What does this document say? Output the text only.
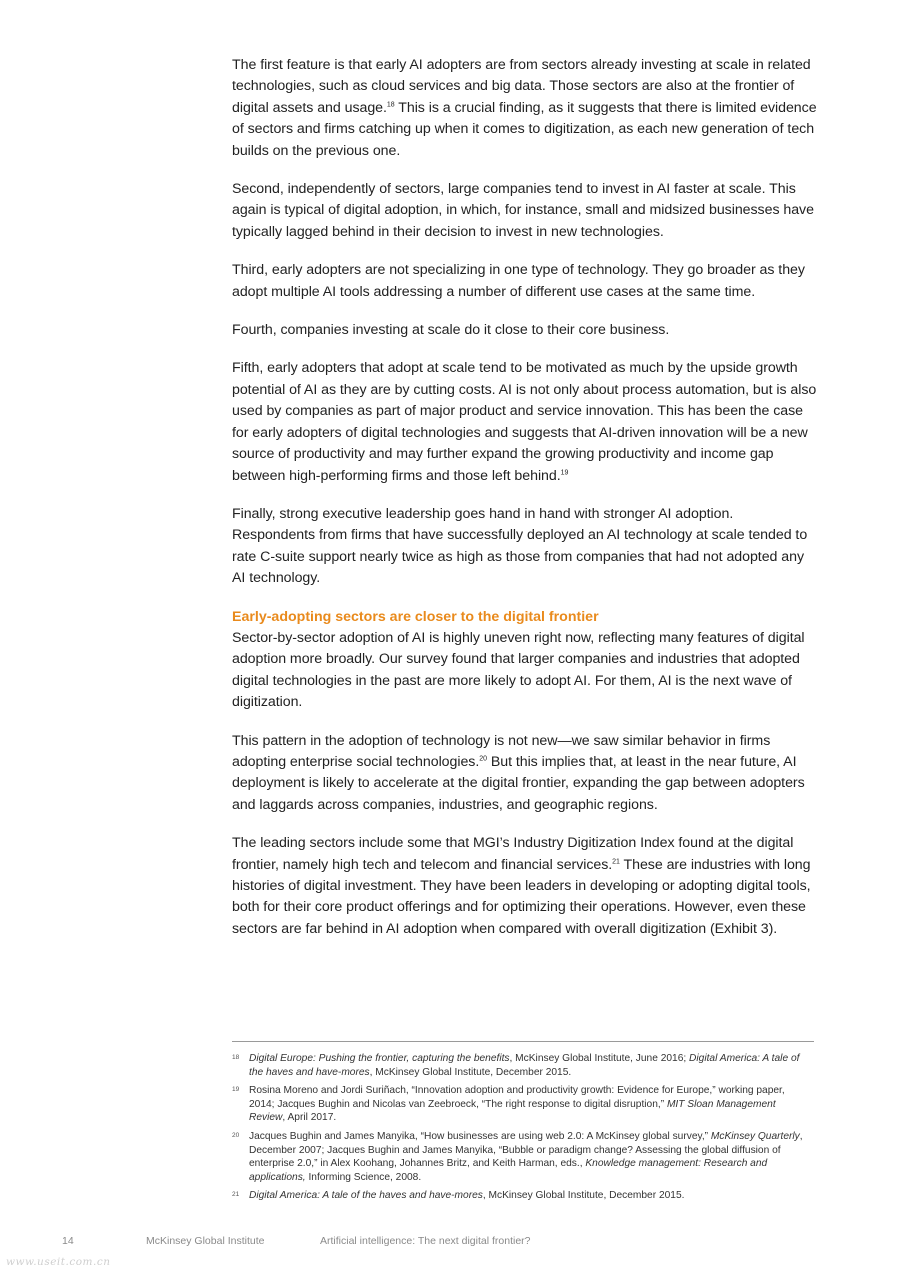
The first feature is that early AI adopters are from sectors already investing at scale in related technologies, such as cloud services and big data. Those sectors are also at the frontier of digital assets and usage.$^{18}$ This is a crucial finding, as it suggests that there is limited evidence of sectors and firms catching up when it comes to digitization, as each new generation of tech builds on the previous one.

Second, independently of sectors, large companies tend to invest in AI faster at scale. This again is typical of digital adoption, in which, for instance, small and midsized businesses have typically lagged behind in their decision to invest in new technologies.

Third, early adopters are not specializing in one type of technology. They go broader as they adopt multiple AI tools addressing a number of different use cases at the same time.

Fourth, companies investing at scale do it close to their core business.

Fifth, early adopters that adopt at scale tend to be motivated as much by the upside growth potential of AI as they are by cutting costs. AI is not only about process automation, but is also used by companies as part of major product and service innovation. This has been the case for early adopters of digital technologies and suggests that AI-driven innovation will be a new source of productivity and may further expand the growing productivity and income gap between high-performing firms and those left behind.$^{19}$

Finally, strong executive leadership goes hand in hand with stronger AI adoption. Respondents from firms that have successfully deployed an AI technology at scale tended to rate C-suite support nearly twice as high as those from companies that had not adopted any AI technology.

Early-adopting sectors are closer to the digital frontier

Sector-by-sector adoption of AI is highly uneven right now, reflecting many features of digital adoption more broadly. Our survey found that larger companies and industries that adopted digital technologies in the past are more likely to adopt AI. For them, AI is the next wave of digitization.

This pattern in the adoption of technology is not new—we saw similar behavior in firms adopting enterprise social technologies.$^{20}$ But this implies that, at least in the near future, AI deployment is likely to accelerate at the digital frontier, expanding the gap between adopters and laggards across companies, industries, and geographic regions.

The leading sectors include some that MGI’s Industry Digitization Index found at the digital frontier, namely high tech and telecom and financial services.$^{21}$ These are industries with long histories of digital investment. They have been leaders in developing or adopting digital tools, both for their core product offerings and for optimizing their operations. However, even these sectors are far behind in AI adoption when compared with overall digitization (Exhibit 3).

18 Digital Europe: Pushing the frontier, capturing the benefits, McKinsey Global Institute, June 2016; Digital America: A tale of the haves and have-mores, McKinsey Global Institute, December 2015.
19 Rosina Moreno and Jordi Suriñach, “Innovation adoption and productivity growth: Evidence for Europe,” working paper, 2014; Jacques Bughin and Nicolas van Zeebroeck, “The right response to digital disruption,” MIT Sloan Management Review, April 2017.
20 Jacques Bughin and James Manyika, “How businesses are using web 2.0: A McKinsey global survey,” McKinsey Quarterly, December 2007; Jacques Bughin and James Manyika, “Bubble or paradigm change? Assessing the global diffusion of enterprise 2.0,” in Alex Koohang, Johannes Britz, and Keith Harman, eds., Knowledge management: Research and applications, Informing Science, 2008.
21 Digital America: A tale of the haves and have-mores, McKinsey Global Institute, December 2015.
14	McKinsey Global Institute	Artificial intelligence: The next digital frontier?
www.useit.com.cn
